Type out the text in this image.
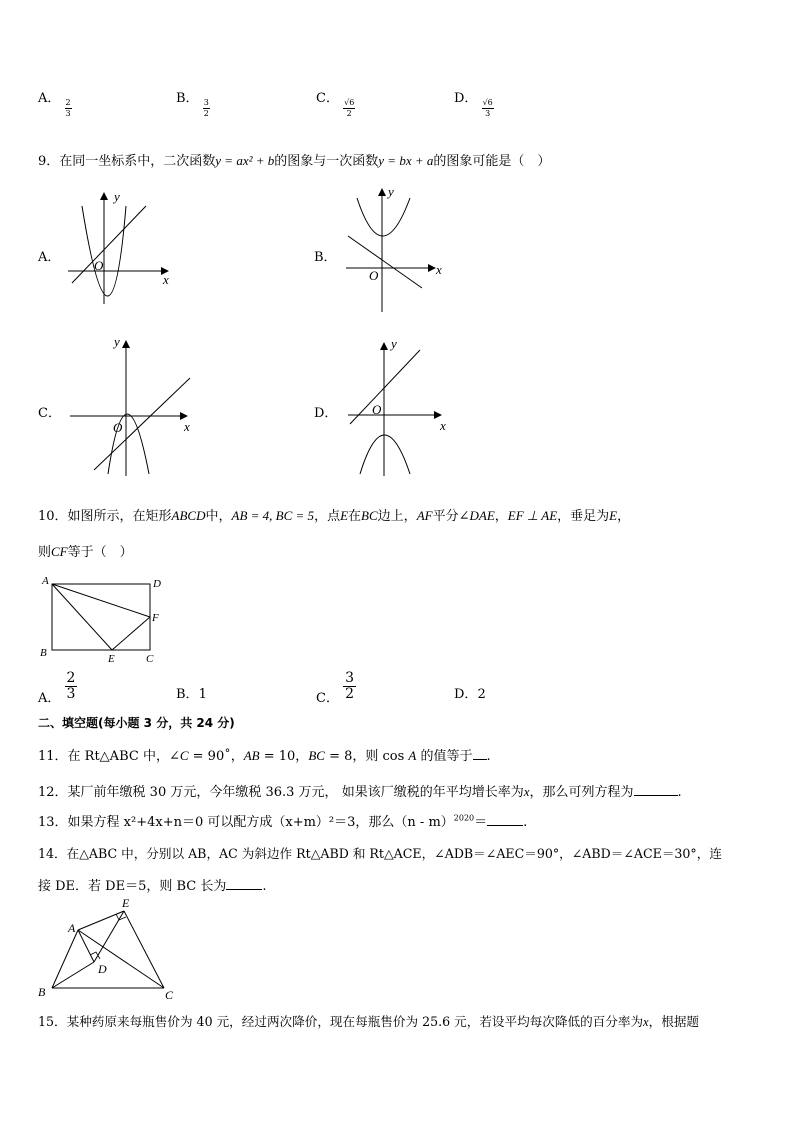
A．
$\frac{2}{3}$
B．
$\frac{3}{2}$
C．
$\frac{√6}{2}$
D．
$\frac{√6}{3}$
9．在同一坐标系中，二次函数y = ax² + b的图象与一次函数y = bx + a的图象可能是（　）
A．	B．
C．	D．
y
x
O
y
x
O
y
x
O
y
x
O
10．如图所示，在矩形ABCD中，AB = 4, BC = 5，点E在BC边上，AF平分∠DAE，EF ⊥ AE，垂足为E，
则CF等于（　）
A	D
B	C
E
F
A． $\frac{2}{3}$	B．1	C． $\frac{3}{2}$	D．2
二、填空题(每小题 3 分，共 24 分)
11．在 Rt△ABC 中，∠C = 90˚，AB = 10，BC = 8，则 cos A 的值等于 .
12．某厂前年缴税 30 万元，今年缴税 36.3 万元， 如果该厂缴税的年平均增长率为x，那么可列方程为	.
13．如果方程 x²+4x+n＝0 可以配方成（x+m）²＝3，那么（n - m）$^{2020}$＝	.
14．在△ABC 中，分别以 AB，AC 为斜边作 Rt△ABD 和 Rt△ACE，∠ADB＝∠AEC＝90°，∠ABD＝∠ACE＝30°，连
接 DE．若 DE＝5，则 BC 长为	.
A
B	C
D
E
15．某种药原来每瓶售价为 40 元，经过两次降价，现在每瓶售价为 25.6 元，若设平均每次降低的百分率为x，根据题
